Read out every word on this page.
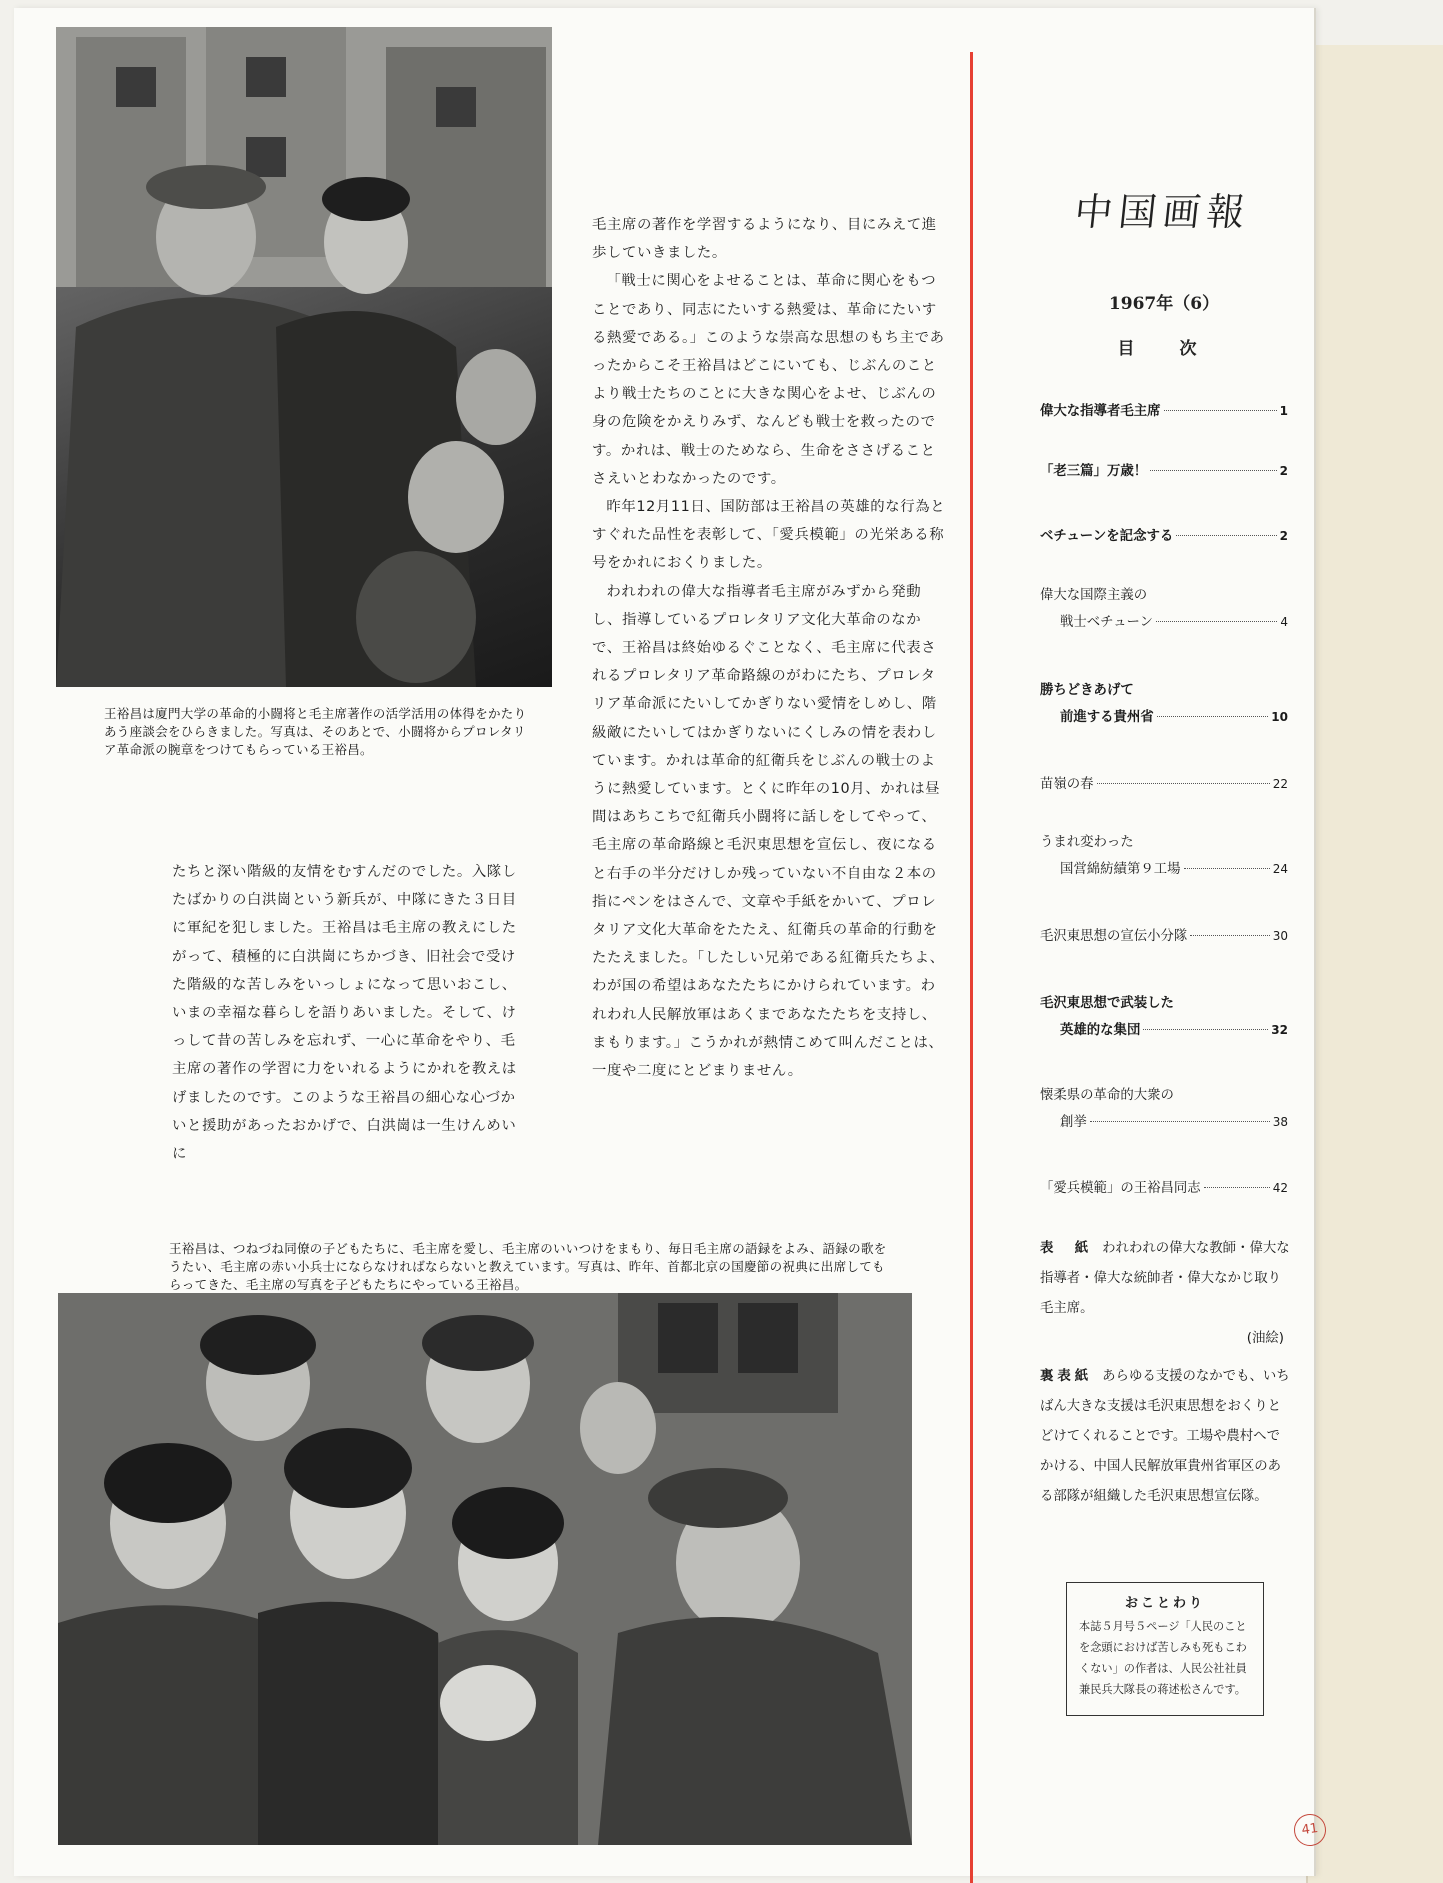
王裕昌は廈門大学の革命的小闘将と毛主席著作の活学活用の体得をかたりあう座談会をひらきました。写真は、そのあとで、小闘将からプロレタリア革命派の腕章をつけてもらっている王裕昌。

毛主席の著作を学習するようになり、目にみえて進歩していきました。

「戦士に関心をよせることは、革命に関心をもつことであり、同志にたいする熱愛は、革命にたいする熱愛である。」このような崇高な思想のもち主であったからこそ王裕昌はどこにいても、じぶんのことより戦士たちのことに大きな関心をよせ、じぶんの身の危険をかえりみず、なんども戦士を救ったのです。かれは、戦士のためなら、生命をささげることさえいとわなかったのです。

昨年12月11日、国防部は王裕昌の英雄的な行為とすぐれた品性を表彰して、「愛兵模範」の光栄ある称号をかれにおくりました。

われわれの偉大な指導者毛主席がみずから発動し、指導しているプロレタリア文化大革命のなかで、王裕昌は終始ゆるぐことなく、毛主席に代表されるプロレタリア革命路線のがわにたち、プロレタリア革命派にたいしてかぎりない愛情をしめし、階級敵にたいしてはかぎりないにくしみの情を表わしています。かれは革命的紅衛兵をじぶんの戦士のように熱愛しています。とくに昨年の10月、かれは昼間はあちこちで紅衛兵小闘将に話しをしてやって、毛主席の革命路線と毛沢東思想を宣伝し、夜になると右手の半分だけしか残っていない不自由な２本の指にペンをはさんで、文章や手紙をかいて、プロレタリア文化大革命をたたえ、紅衛兵の革命的行動をたたえました。「したしい兄弟である紅衛兵たちよ、わが国の希望はあなたたちにかけられています。われわれ人民解放軍はあくまであなたたちを支持し、まもります。」こうかれが熱情こめて叫んだことは、一度や二度にとどまりません。

たちと深い階級的友情をむすんだのでした。入隊したばかりの白洪崗という新兵が、中隊にきた３日目に軍紀を犯しました。王裕昌は毛主席の教えにしたがって、積極的に白洪崗にちかづき、旧社会で受けた階級的な苦しみをいっしょになって思いおこし、いまの幸福な暮らしを語りあいました。そして、けっして昔の苦しみを忘れず、一心に革命をやり、毛主席の著作の学習に力をいれるようにかれを教えはげましたのです。このような王裕昌の細心な心づかいと援助があったおかげで、白洪崗は一生けんめいに

王裕昌は、つねづね同僚の子どもたちに、毛主席を愛し、毛主席のいいつけをまもり、毎日毛主席の語録をよみ、語録の歌をうたい、毛主席の赤い小兵士にならなければならないと教えています。写真は、昨年、首都北京の国慶節の祝典に出席してもらってきた、毛主席の写真を子どもたちにやっている王裕昌。
中国画報
1967年（6）
目　次
偉大な指導者毛主席	1
「老三篇」万歳！	2
ベチューンを記念する	2
偉大な国際主義の
戦士ベチューン	4
勝ちどきあげて
前進する貴州省	10
苗嶺の春	22
うまれ変わった
国営綿紡績第９工場	24
毛沢東思想の宣伝小分隊	30
毛沢東思想で武装した
英雄的な集団	32
懐柔県の革命的大衆の
創挙	38
「愛兵模範」の王裕昌同志	42
表　紙 われわれの偉大な教師・偉大な指導者・偉大な統帥者・偉大なかじ取り毛主席。
(油絵)
裏表紙 あらゆる支援のなかでも、いちばん大きな支援は毛沢東思想をおくりとどけてくれることです。工場や農村へでかける、中国人民解放軍貴州省軍区のある部隊が組織した毛沢東思想宣伝隊。
おことわり
本誌５月号５ページ「人民のことを念頭におけば苦しみも死もこわくない」の作者は、人民公社社員兼民兵大隊長の蒋述松さんです。
41
